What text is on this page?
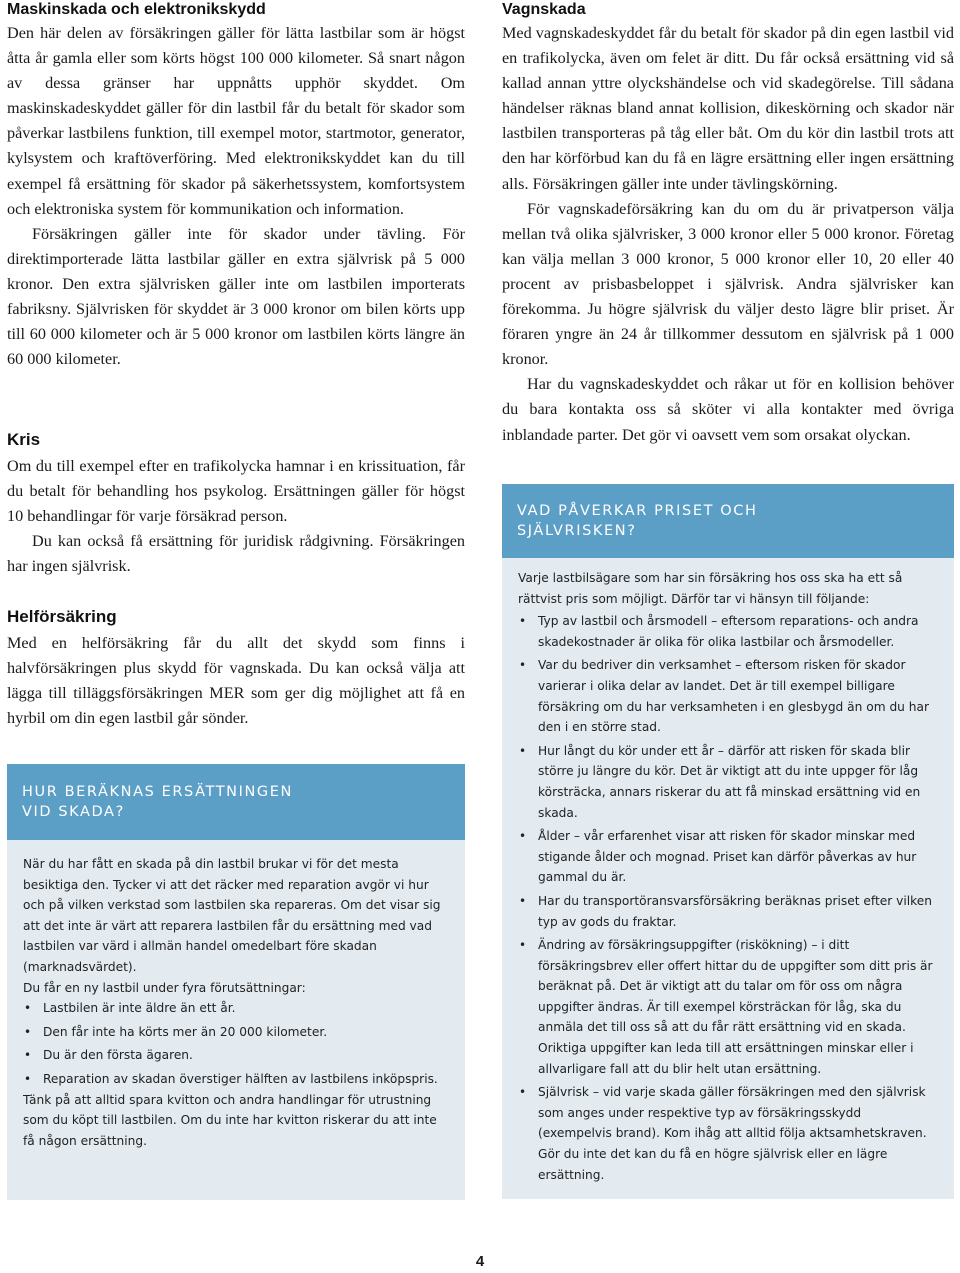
Maskinskada och elektronikskydd

Den här delen av försäkringen gäller för lätta lastbilar som är högst åtta år gamla eller som körts högst 100 000 kilometer. Så snart någon av dessa gränser har uppnåtts upphör skyddet. Om maskinskadeskyddet gäller för din lastbil får du betalt för skador som påverkar lastbilens funktion, till exempel motor, startmotor, generator, kylsystem och kraftöverföring. Med elektronikskyddet kan du till exempel få ersättning för skador på säkerhetssystem, komfortsystem och elektroniska system för kommunikation och information.

Försäkringen gäller inte för skador under tävling. För direktimporterade lätta lastbilar gäller en extra självrisk på 5 000 kronor. Den extra självrisken gäller inte om lastbilen importerats fabriksny. Självrisken för skyddet är 3 000 kronor om bilen körts upp till 60 000 kilometer och är 5 000 kronor om lastbilen körts längre än 60 000 kilometer.

Kris

Om du till exempel efter en trafikolycka hamnar i en krissituation, får du betalt för behandling hos psykolog. Ersättningen gäller för högst 10 behandlingar för varje försäkrad person.

Du kan också få ersättning för juridisk rådgivning. Försäkringen har ingen självrisk.

Helförsäkring

Med en helförsäkring får du allt det skydd som finns i halvförsäkringen plus skydd för vagnskada. Du kan också välja att lägga till tilläggsförsäkringen MER som ger dig möjlighet att få en hyrbil om din egen lastbil går sönder.

HUR BERÄKNAS ERSÄTTNINGEN
VID SKADA?

När du har fått en skada på din lastbil brukar vi för det mesta besiktiga den. Tycker vi att det räcker med reparation avgör vi hur och på vilken verkstad som lastbilen ska repareras. Om det visar sig att det inte är värt att reparera lastbilen får du ersättning med vad lastbilen var värd i allmän handel omedelbart före skadan (marknadsvärdet).

Du får en ny lastbil under fyra förutsättningar:

• Lastbilen är inte äldre än ett år.
• Den får inte ha körts mer än 20 000 kilometer.
• Du är den första ägaren.
• Reparation av skadan överstiger hälften av lastbilens inköpspris.

Tänk på att alltid spara kvitton och andra handlingar för utrustning som du köpt till lastbilen. Om du inte har kvitton riskerar du att inte få någon ersättning.

Vagnskada

Med vagnskadeskyddet får du betalt för skador på din egen lastbil vid en trafikolycka, även om felet är ditt. Du får också ersättning vid så kallad annan yttre olyckshändelse och vid skadegörelse. Till sådana händelser räknas bland annat kollision, dikeskörning och skador när lastbilen transporteras på tåg eller båt. Om du kör din lastbil trots att den har körförbud kan du få en lägre ersättning eller ingen ersättning alls. Försäkringen gäller inte under tävlingskörning.

För vagnskadeförsäkring kan du om du är privatperson välja mellan två olika självrisker, 3 000 kronor eller 5 000 kronor. Företag kan välja mellan 3 000 kronor, 5 000 kronor eller 10, 20 eller 40 procent av prisbasbeloppet i självrisk. Andra självrisker kan förekomma. Ju högre självrisk du väljer desto lägre blir priset. Är föraren yngre än 24 år tillkommer dessutom en självrisk på 1 000 kronor.

Har du vagnskadeskyddet och råkar ut för en kollision behöver du bara kontakta oss så sköter vi alla kontakter med övriga inblandade parter. Det gör vi oavsett vem som orsakat olyckan.

VAD PÅVERKAR PRISET OCH
SJÄLVRISKEN?

Varje lastbilsägare som har sin försäkring hos oss ska ha ett så rättvist pris som möjligt. Därför tar vi hänsyn till följande:

• Typ av lastbil och årsmodell – eftersom reparations- och andra skadekostnader är olika för olika lastbilar och årsmodeller.
• Var du bedriver din verksamhet – eftersom risken för skador varierar i olika delar av landet. Det är till exempel billigare försäkring om du har verksamheten i en glesbygd än om du har den i en större stad.
• Hur långt du kör under ett år – därför att risken för skada blir större ju längre du kör. Det är viktigt att du inte uppger för låg körsträcka, annars riskerar du att få minskad ersättning vid en skada.
• Ålder – vår erfarenhet visar att risken för skador minskar med stigande ålder och mognad. Priset kan därför påverkas av hur gammal du är.
• Har du transportöransvarsförsäkring beräknas priset efter vilken typ av gods du fraktar.
• Ändring av försäkringsuppgifter (riskökning) – i ditt försäkringsbrev eller offert hittar du de uppgifter som ditt pris är beräknat på. Det är viktigt att du talar om för oss om några uppgifter ändras. Är till exempel körsträckan för låg, ska du anmäla det till oss så att du får rätt ersättning vid en skada. Oriktiga uppgifter kan leda till att ersättningen minskar eller i allvarligare fall att du blir helt utan ersättning.
• Självrisk – vid varje skada gäller försäkringen med den självrisk som anges under respektive typ av försäkringsskydd (exempelvis brand). Kom ihåg att alltid följa aktsamhetskraven. Gör du inte det kan du få en högre självrisk eller en lägre ersättning.
4
